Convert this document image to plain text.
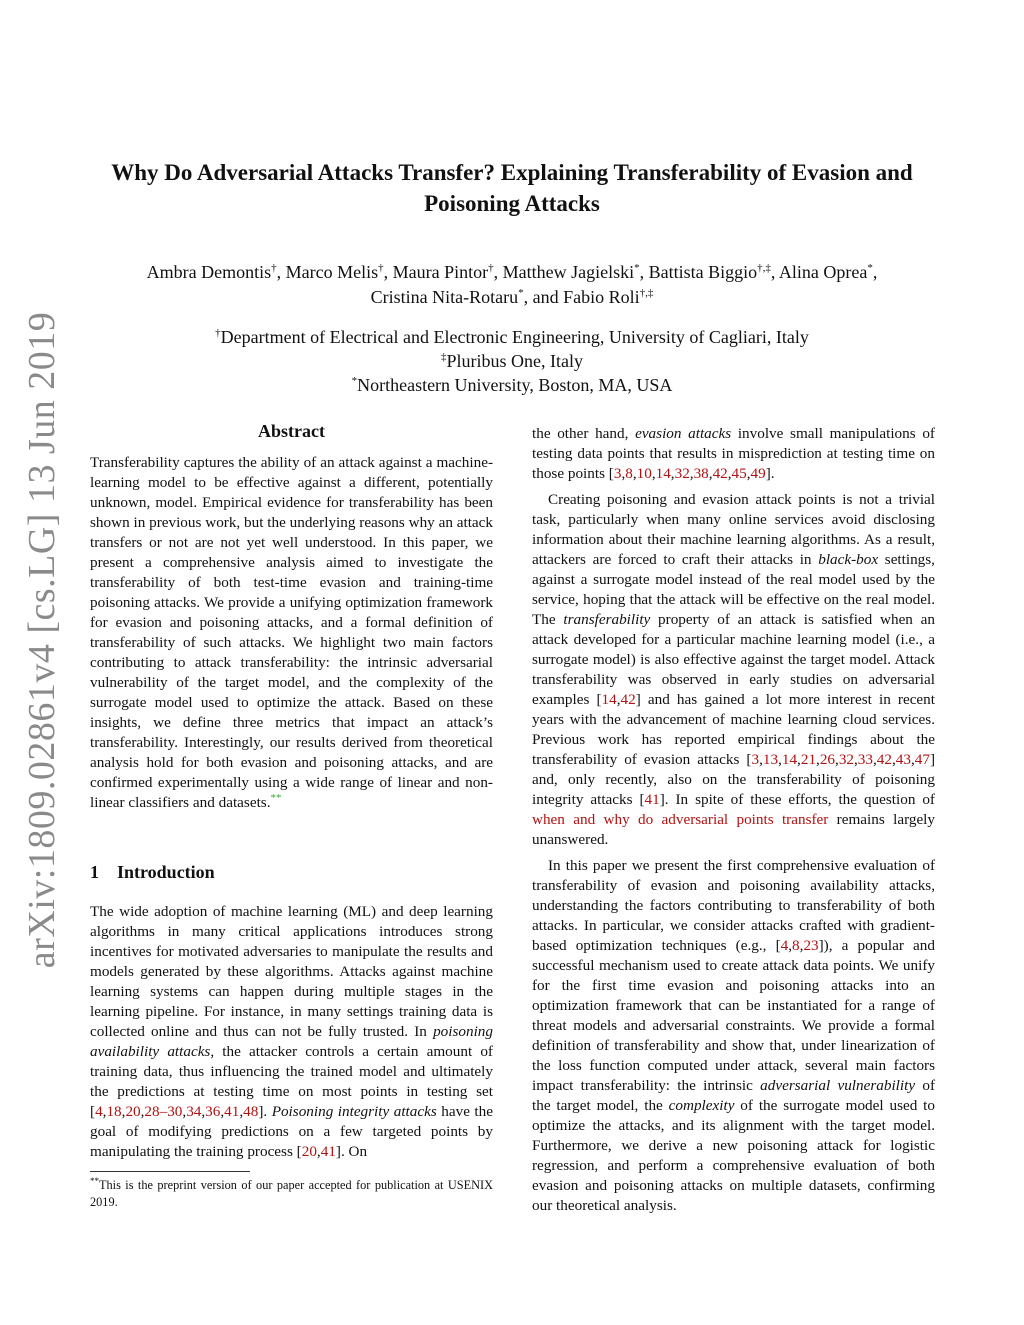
arXiv:1809.02861v4 [cs.LG] 13 Jun 2019
Why Do Adversarial Attacks Transfer? Explaining Transferability of Evasion and Poisoning Attacks
Ambra Demontis†, Marco Melis†, Maura Pintor†, Matthew Jagielski*, Battista Biggio†,‡, Alina Oprea*,
Cristina Nita-Rotaru*, and Fabio Roli†,‡
†Department of Electrical and Electronic Engineering, University of Cagliari, Italy
‡Pluribus One, Italy
*Northeastern University, Boston, MA, USA
Abstract

Transferability captures the ability of an attack against a machine-learning model to be effective against a different, potentially unknown, model. Empirical evidence for transferability has been shown in previous work, but the underlying reasons why an attack transfers or not are not yet well understood. In this paper, we present a comprehensive analysis aimed to investigate the transferability of both test-time evasion and training-time poisoning attacks. We provide a unifying optimization framework for evasion and poisoning attacks, and a formal definition of transferability of such attacks. We highlight two main factors contributing to attack transferability: the intrinsic adversarial vulnerability of the target model, and the complexity of the surrogate model used to optimize the attack. Based on these insights, we define three metrics that impact an attack’s transferability. Interestingly, our results derived from theoretical analysis hold for both evasion and poisoning attacks, and are confirmed experimentally using a wide range of linear and non-linear classifiers and datasets.**

1 Introduction

The wide adoption of machine learning (ML) and deep learning algorithms in many critical applications introduces strong incentives for motivated adversaries to manipulate the results and models generated by these algorithms. Attacks against machine learning systems can happen during multiple stages in the learning pipeline. For instance, in many settings training data is collected online and thus can not be fully trusted. In poisoning availability attacks, the attacker controls a certain amount of training data, thus influencing the trained model and ultimately the predictions at testing time on most points in testing set [4,18,20,28–30,34,36,41,48]. Poisoning integrity attacks have the goal of modifying predictions on a few targeted points by manipulating the training process [20,41]. On

**This is the preprint version of our paper accepted for publication at USENIX 2019.

the other hand, evasion attacks involve small manipulations of testing data points that results in misprediction at testing time on those points [3,8,10,14,32,38,42,45,49].

Creating poisoning and evasion attack points is not a trivial task, particularly when many online services avoid disclosing information about their machine learning algorithms. As a result, attackers are forced to craft their attacks in black-box settings, against a surrogate model instead of the real model used by the service, hoping that the attack will be effective on the real model. The transferability property of an attack is satisfied when an attack developed for a particular machine learning model (i.e., a surrogate model) is also effective against the target model. Attack transferability was observed in early studies on adversarial examples [14,42] and has gained a lot more interest in recent years with the advancement of machine learning cloud services. Previous work has reported empirical findings about the transferability of evasion attacks [3,13,14,21,26,32,33,42,43,47] and, only recently, also on the transferability of poisoning integrity attacks [41]. In spite of these efforts, the question of when and why do adversarial points transfer remains largely unanswered.

In this paper we present the first comprehensive evaluation of transferability of evasion and poisoning availability attacks, understanding the factors contributing to transferability of both attacks. In particular, we consider attacks crafted with gradient-based optimization techniques (e.g., [4,8,23]), a popular and successful mechanism used to create attack data points. We unify for the first time evasion and poisoning attacks into an optimization framework that can be instantiated for a range of threat models and adversarial constraints. We provide a formal definition of transferability and show that, under linearization of the loss function computed under attack, several main factors impact transferability: the intrinsic adversarial vulnerability of the target model, the complexity of the surrogate model used to optimize the attacks, and its alignment with the target model. Furthermore, we derive a new poisoning attack for logistic regression, and perform a comprehensive evaluation of both evasion and poisoning attacks on multiple datasets, confirming our theoretical analysis.
